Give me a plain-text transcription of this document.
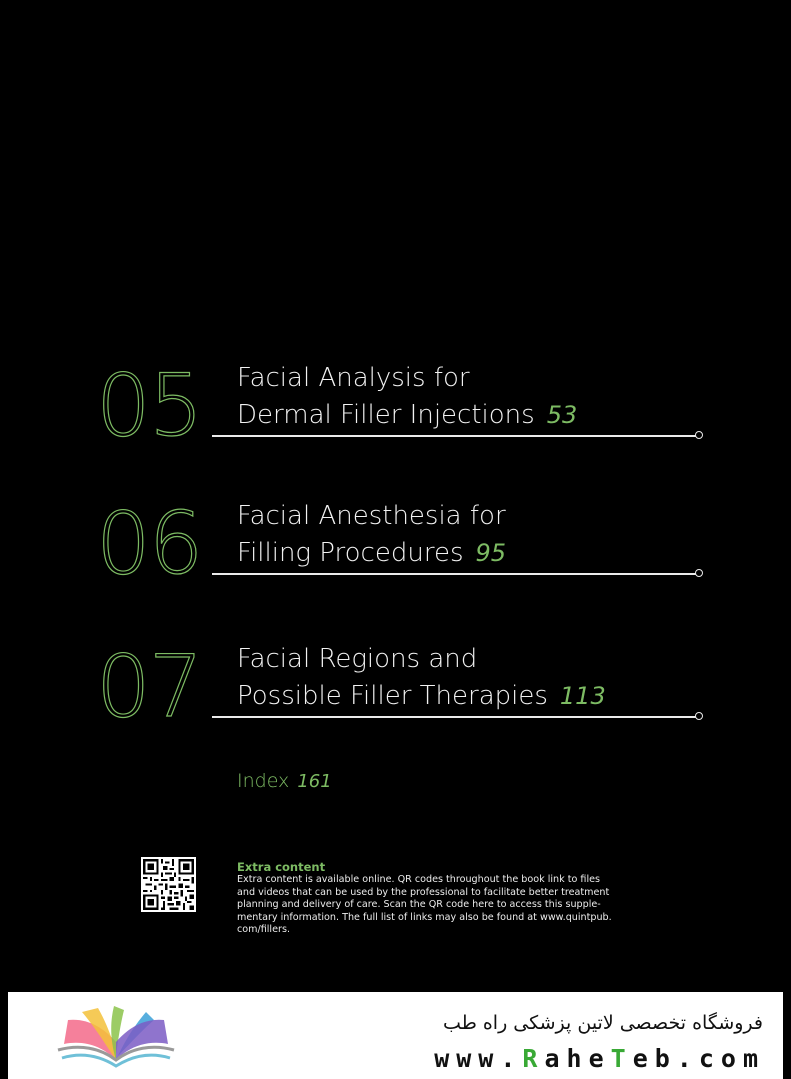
05 Facial Analysis for
Dermal Filler Injections 53
06 Facial Anesthesia for
Filling Procedures 95
07 Facial Regions and
Possible Filler Therapies 113
Index 161
Extra content
Extra content is available online. QR codes throughout the book link to files
and videos that can be used by the professional to facilitate better treatment
planning and delivery of care. Scan the QR code here to access this supple-
mentary information. The full list of links may also be found at www.quintpub.
com/fillers.
فروشگاه تخصصی لاتین پزشکی راه طب
www.RaheTeb.com
